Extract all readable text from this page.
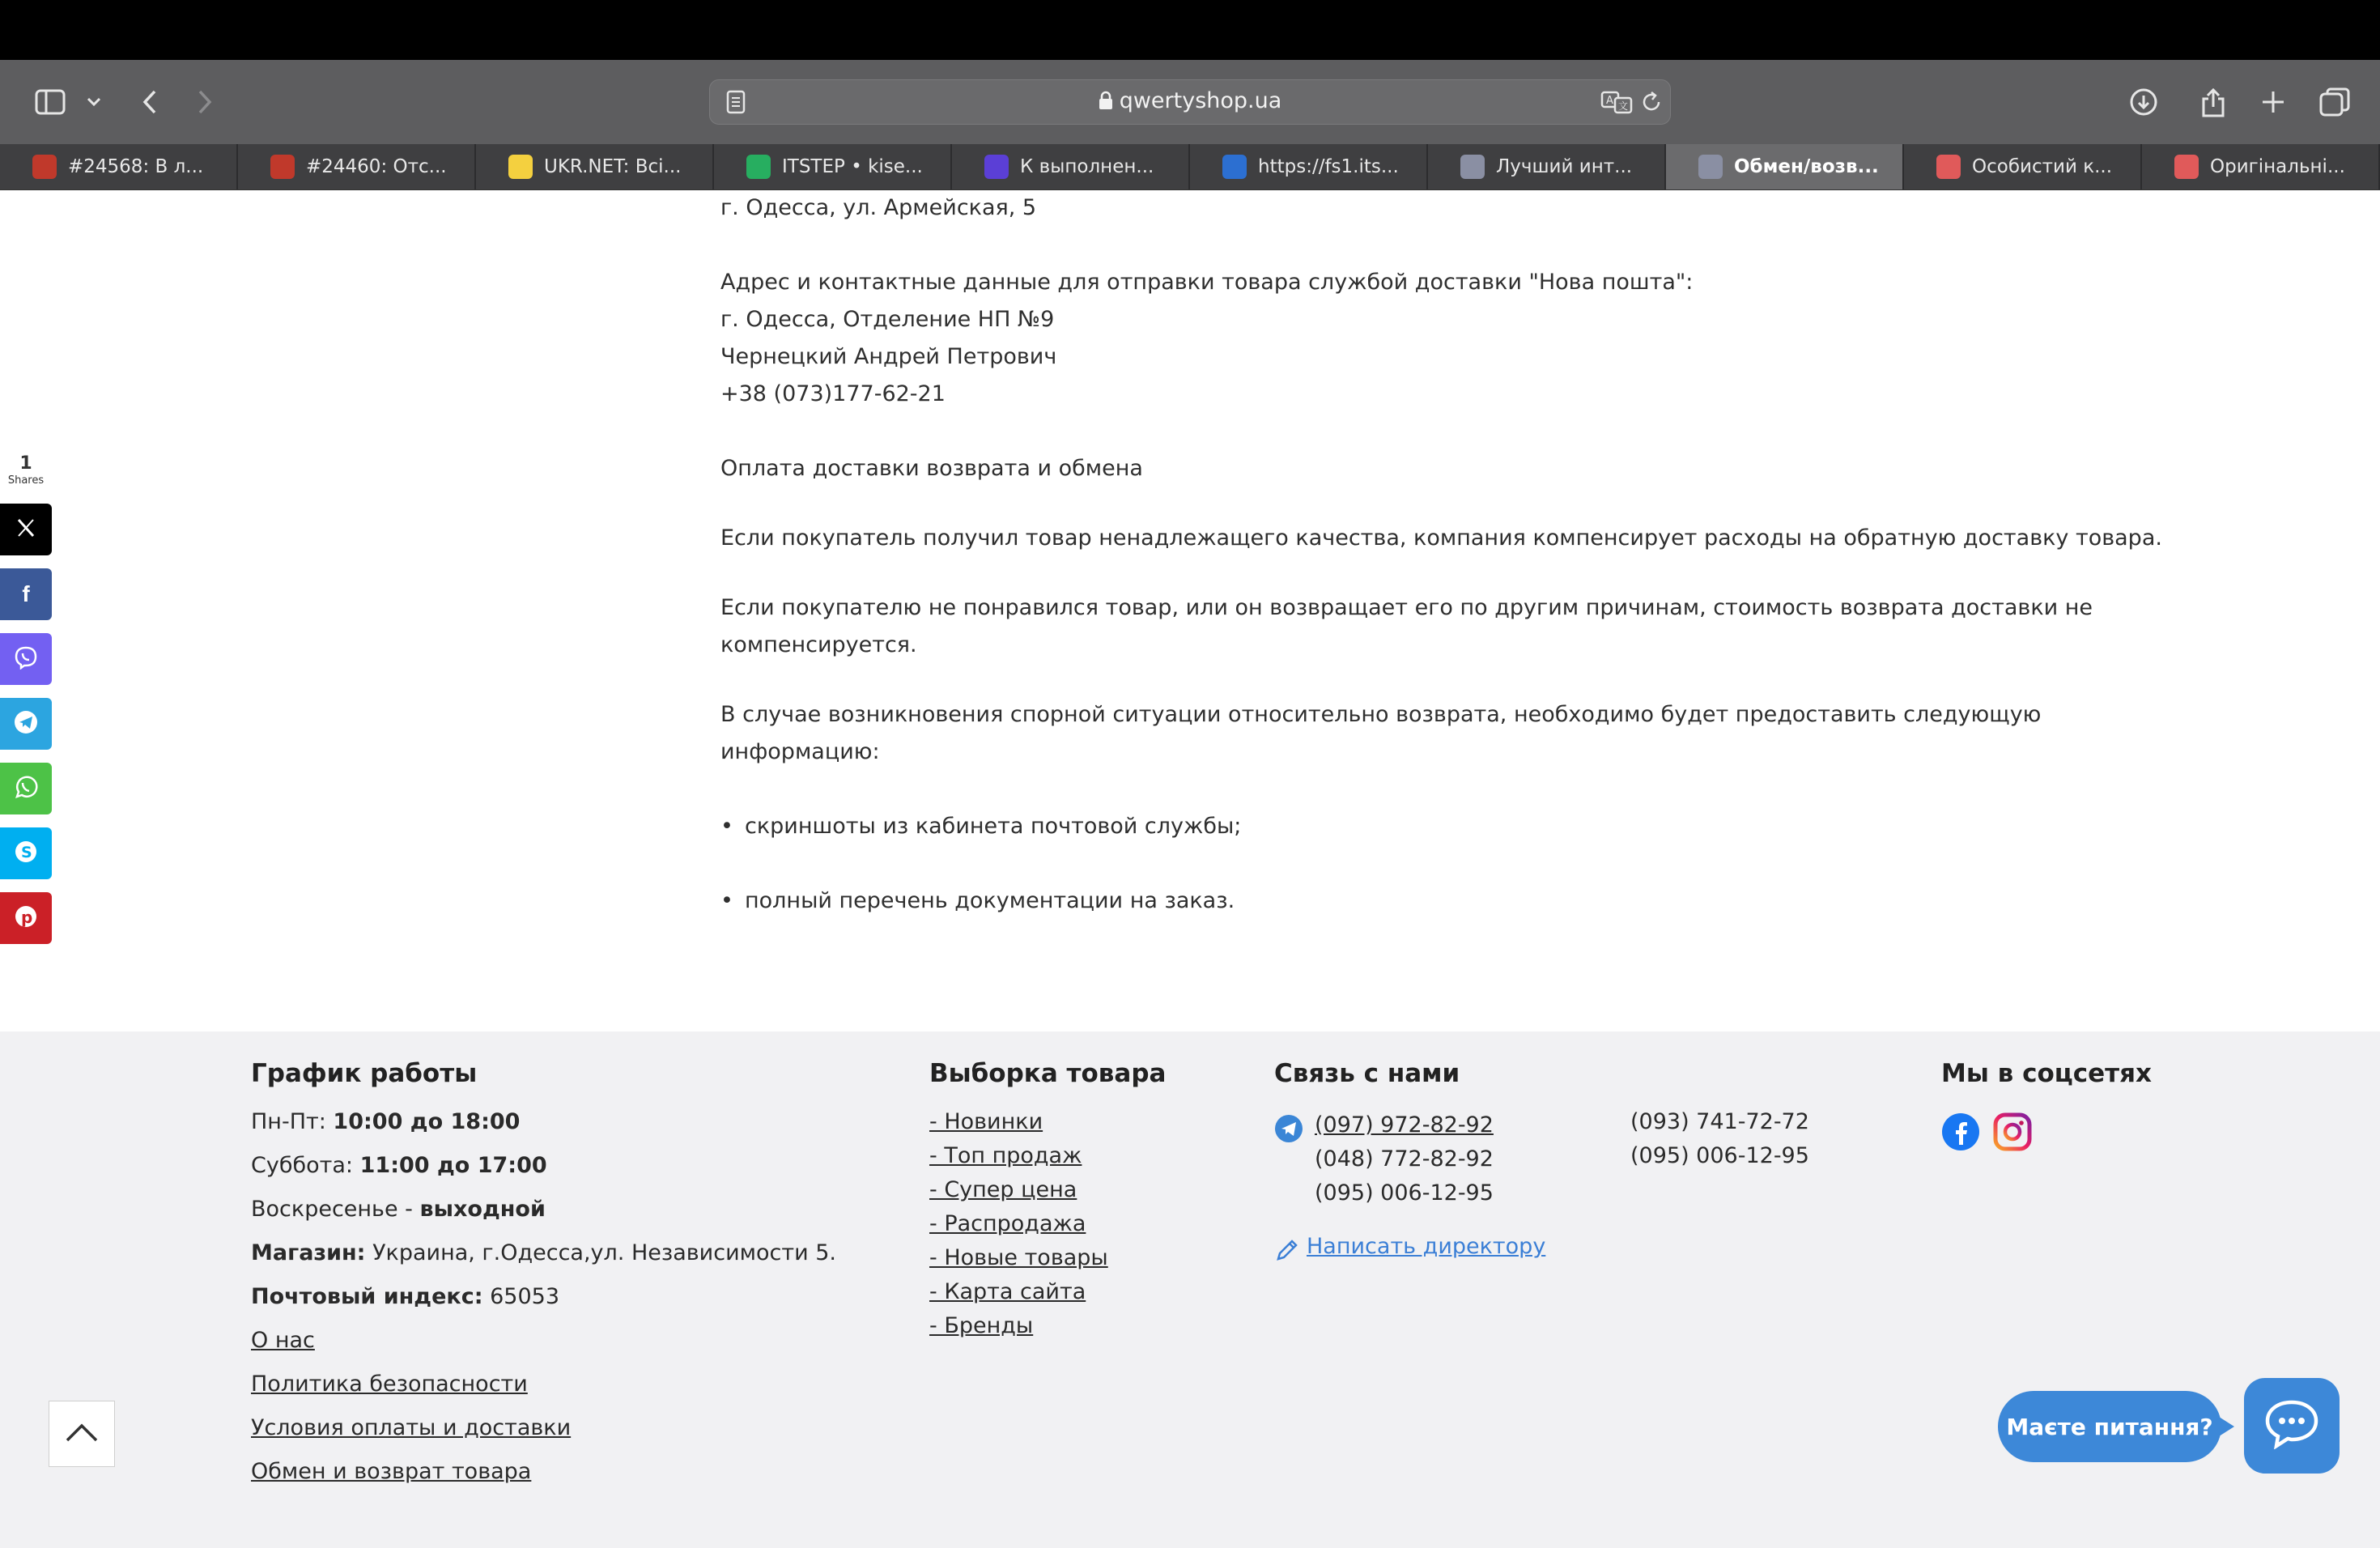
qwertyshop.ua	A 文
#24568: В л...	#24460: Отс...	UKR.NET: Всі...	ITSTEP • kise...	К выполнен...	https://fs1.its...	Лучший инт...	Обмен/возв...	Особистий к...	Оригінальні...
1
Shares
f
S
p

г. Одесса, ул. Армейская, 5

Адрес и контактные данные для отправки товара службой доставки "Нова пошта":

г. Одесса, Отделение НП №9

Чернецкий Андрей Петрович

+38 (073)177-62-21

Оплата доставки возврата и обмена

Если покупатель получил товар ненадлежащего качества, компания компенсирует расходы на обратную доставку товара.

Если покупателю не понравился товар, или он возвращает его по другим причинам, стоимость возврата доставки не

компенсируется.

В случае возникновения спорной ситуации относительно возврата, необходимо будет предоставить следующую

информацию:

• скриншоты из кабинета почтовой службы;
• полный перечень документации на заказ.
График работы
Пн-Пт: 10:00 до 18:00
Суббота: 11:00 до 17:00
Воскресенье - выходной
Магазин: Украина, г.Одесса,ул. Независимости 5.
Почтовый индекс: 65053
О нас
Политика безопасности
Условия оплаты и доставки
Обмен и возврат товара
Выборка товара
- Новинки
- Топ продаж
- Супер цена
- Распродажа
- Новые товары
- Карта сайта
- Бренды
Связь с нами
(097) 972-82-92
(048) 772-82-92
(095) 006-12-95
(093) 741-72-72
(095) 006-12-95
Написать директору
Мы в соцсетях
Маєте питання?
